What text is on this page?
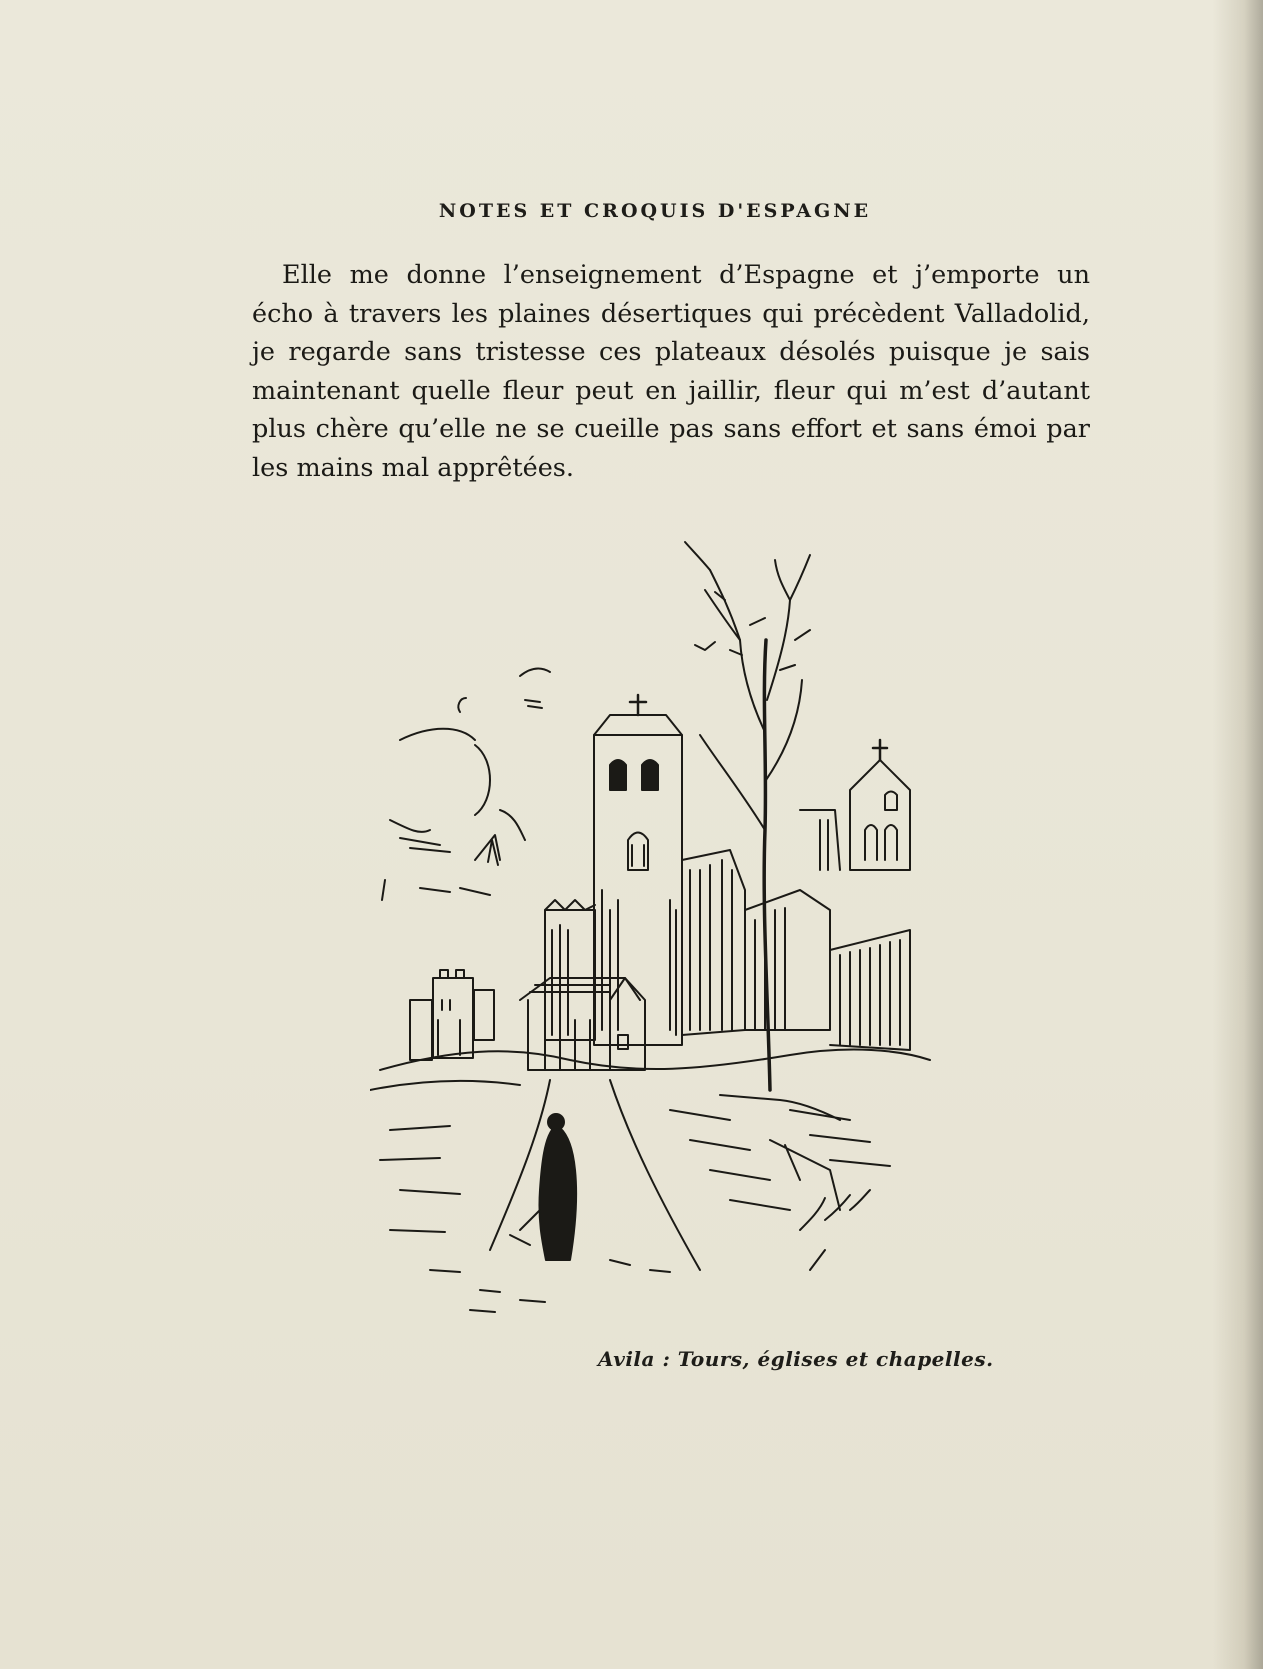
NOTES ET CROQUIS D'ESPAGNE

Elle me donne l’enseignement d’Espagne et j’emporte un écho à travers les plaines désertiques qui précèdent Valladolid, je regarde sans tristesse ces plateaux désolés puisque je sais maintenant quelle fleur peut en jaillir, fleur qui m’est d’autant plus chère qu’elle ne se cueille pas sans effort et sans émoi par les mains mal apprêtées.

Avila : Tours, églises et chapelles.
